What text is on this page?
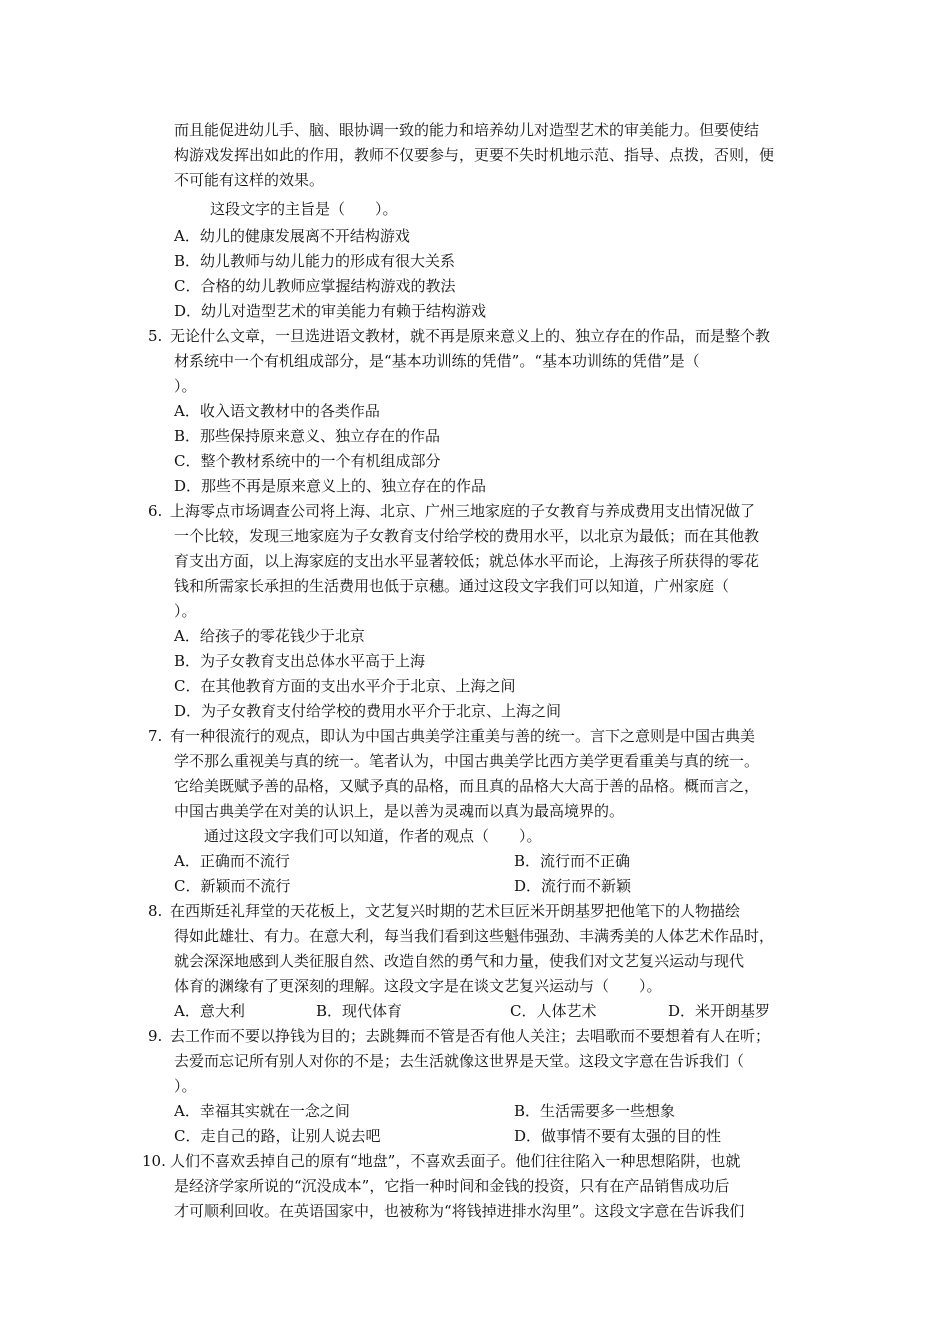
而且能促进幼儿手、脑、眼协调一致的能力和培养幼儿对造型艺术的审美能力。但要使结
构游戏发挥出如此的作用，教师不仅要参与，更要不失时机地示范、指导、点拨，否则，便
不可能有这样的效果。
这段文字的主旨是（　　）。
A．幼儿的健康发展离不开结构游戏
B．幼儿教师与幼儿能力的形成有很大关系
C．合格的幼儿教师应掌握结构游戏的教法
D．幼儿对造型艺术的审美能力有赖于结构游戏
5. 无论什么文章，一旦选进语文教材，就不再是原来意义上的、独立存在的作品，而是整个教
材系统中一个有机组成部分，是“基本功训练的凭借”。“基本功训练的凭借”是（
）。
A．收入语文教材中的各类作品
B．那些保持原来意义、独立存在的作品
C．整个教材系统中的一个有机组成部分
D．那些不再是原来意义上的、独立存在的作品
6. 上海零点市场调查公司将上海、北京、广州三地家庭的子女教育与养成费用支出情况做了
一个比较，发现三地家庭为子女教育支付给学校的费用水平，以北京为最低；而在其他教
育支出方面，以上海家庭的支出水平显著较低；就总体水平而论，上海孩子所获得的零花
钱和所需家长承担的生活费用也低于京穗。通过这段文字我们可以知道，广州家庭（
）。
A．给孩子的零花钱少于北京
B．为子女教育支出总体水平高于上海
C．在其他教育方面的支出水平介于北京、上海之间
D．为子女教育支付给学校的费用水平介于北京、上海之间
7. 有一种很流行的观点，即认为中国古典美学注重美与善的统一。言下之意则是中国古典美
学不那么重视美与真的统一。笔者认为，中国古典美学比西方美学更看重美与真的统一。
它给美既赋予善的品格，又赋予真的品格，而且真的品格大大高于善的品格。概而言之，
中国古典美学在对美的认识上，是以善为灵魂而以真为最高境界的。
通过这段文字我们可以知道，作者的观点（　　）。
A．正确而不流行	B．流行而不正确
C．新颖而不流行	D．流行而不新颖
8. 在西斯廷礼拜堂的天花板上，文艺复兴时期的艺术巨匠米开朗基罗把他笔下的人物描绘
得如此雄壮、有力。在意大利，每当我们看到这些魁伟强劲、丰满秀美的人体艺术作品时，
就会深深地感到人类征服自然、改造自然的勇气和力量，使我们对文艺复兴运动与现代
体育的渊缘有了更深刻的理解。这段文字是在谈文艺复兴运动与（　　）。
A．意大利	B．现代体育	C．人体艺术	D．米开朗基罗
9. 去工作而不要以挣钱为目的；去跳舞而不管是否有他人关注；去唱歌而不要想着有人在听；
去爱而忘记所有别人对你的不是；去生活就像这世界是天堂。这段文字意在告诉我们（
）。
A．幸福其实就在一念之间	B．生活需要多一些想象
C．走自己的路，让别人说去吧	D．做事情不要有太强的目的性
10. 人们不喜欢丢掉自己的原有“地盘”，不喜欢丢面子。他们往往陷入一种思想陷阱，也就
是经济学家所说的“沉没成本”，它指一种时间和金钱的投资，只有在产品销售成功后
才可顺利回收。在英语国家中，也被称为“将钱掉进排水沟里”。这段文字意在告诉我们
